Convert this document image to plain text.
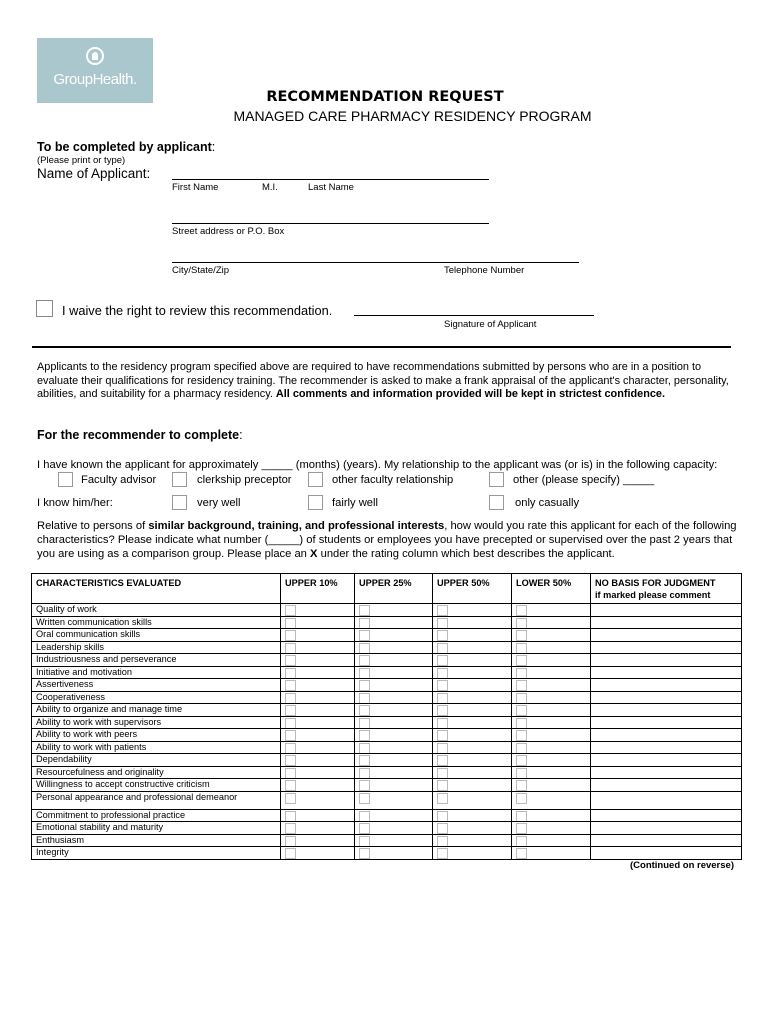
GroupHealth.
RECOMMENDATION REQUEST
MANAGED CARE PHARMACY RESIDENCY PROGRAM
To be completed by applicant:
(Please print or type)
Name of Applicant:
First Name	M.I.	Last Name
Street address or P.O. Box
City/State/Zip	Telephone Number
I waive the right to review this recommendation.
Signature of Applicant
Applicants to the residency program specified above are required to have recommendations submitted by persons who are in a position to evaluate their qualifications for residency training. The recommender is asked to make a frank appraisal of the applicant's character, personality, abilities, and suitability for a pharmacy residency. All comments and information provided will be kept in strictest confidence.
For the recommender to complete:
I have known the applicant for approximately _____ (months) (years). My relationship to the applicant was (or is) in the following capacity:
Faculty advisor	clerkship preceptor	other faculty relationship	other (please specify) _____
I know him/her:	very well	fairly well	only casually
Relative to persons of similar background, training, and professional interests, how would you rate this applicant for each of the following characteristics? Please indicate what number (_____) of students or employees you have precepted or supervised over the past 2 years that you are using as a comparison group. Please place an X under the rating column which best describes the applicant.
CHARACTERISTICS EVALUATED	UPPER 10%	UPPER 25%	UPPER 50%	LOWER 50%	NO BASIS FOR JUDGMENT
if marked please comment

Quality of work	

Written communication skills	

Oral communication skills	

Leadership skills	

Industriousness and perseverance	

Initiative and motivation	

Assertiveness	

Cooperativeness	

Ability to organize and manage time	

Ability to work with supervisors	

Ability to work with peers	

Ability to work with patients	

Dependability	

Resourcefulness and originality	

Willingness to accept constructive criticism	

Personal appearance and professional demeanor	

Commitment to professional practice	

Emotional stability and maturity	

Enthusiasm	

Integrity	

(Continued on reverse)
